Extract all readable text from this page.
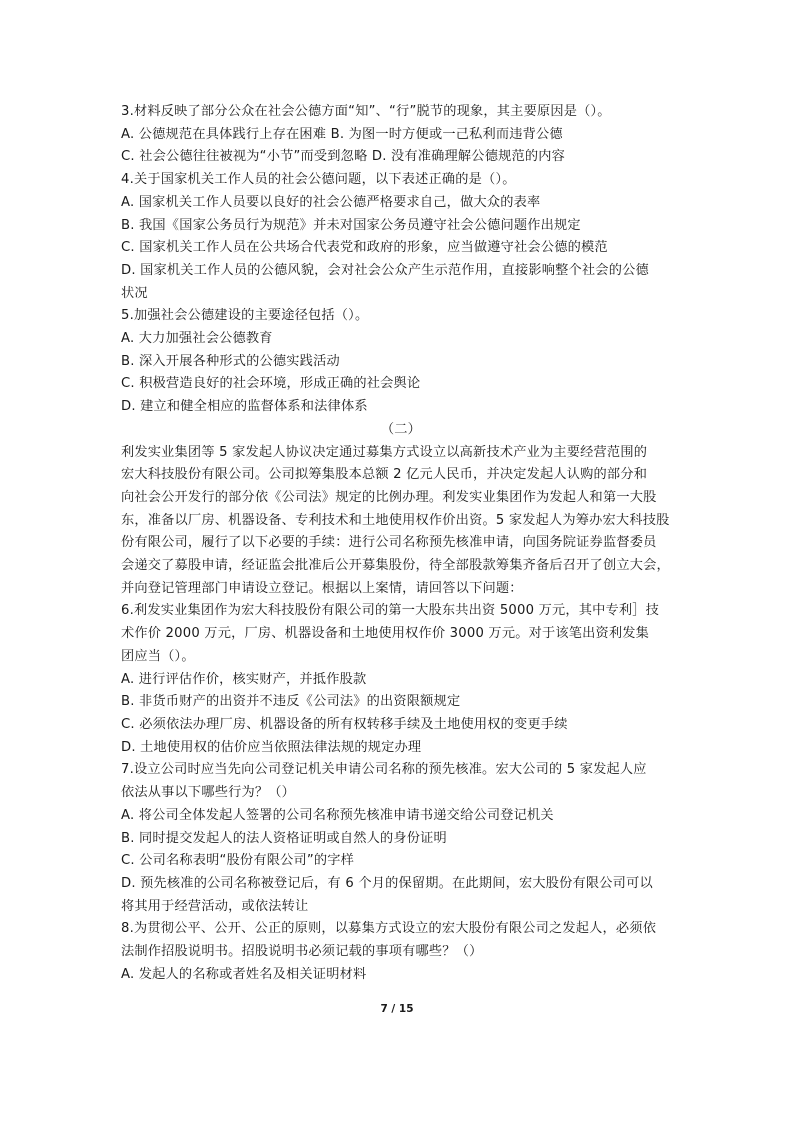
3.材料反映了部分公众在社会公德方面“知”、“行”脱节的现象，其主要原因是（）。
A. 公德规范在具体践行上存在困难 B. 为图一时方便或一己私利而违背公德
C. 社会公德往往被视为“小节”而受到忽略 D. 没有准确理解公德规范的内容
4.关于国家机关工作人员的社会公德问题，以下表述正确的是（）。
A. 国家机关工作人员要以良好的社会公德严格要求自己，做大众的表率
B. 我国《国家公务员行为规范》并未对国家公务员遵守社会公德问题作出规定
C. 国家机关工作人员在公共场合代表党和政府的形象，应当做遵守社会公德的模范
D. 国家机关工作人员的公德风貌，会对社会公众产生示范作用，直接影响整个社会的公德
状况
5.加强社会公德建设的主要途径包括（）。
A. 大力加强社会公德教育
B. 深入开展各种形式的公德实践活动
C. 积极营造良好的社会环境，形成正确的社会舆论
D. 建立和健全相应的监督体系和法律体系
（二）
利发实业集团等 5 家发起人协议决定通过募集方式设立以高新技术产业为主要经营范围的
宏大科技股份有限公司。公司拟筹集股本总额 2 亿元人民币，并决定发起人认购的部分和
向社会公开发行的部分依《公司法》规定的比例办理。利发实业集团作为发起人和第一大股
东，准备以厂房、机器设备、专利技术和土地使用权作价出资。5 家发起人为筹办宏大科技股
份有限公司，履行了以下必要的手续：进行公司名称预先核准申请，向国务院证券监督委员
会递交了募股申请，经证监会批准后公开募集股份，待全部股款筹集齐备后召开了创立大会，
并向登记管理部门申请设立登记。根据以上案情，请回答以下问题：
6.利发实业集团作为宏大科技股份有限公司的第一大股东共出资 5000 万元，其中专利］技
术作价 2000 万元，厂房、机器设备和土地使用权作价 3000 万元。对于该笔出资利发集
团应当（）。
A. 进行评估作价，核实财产，并抵作股款
B. 非货币财产的出资并不违反《公司法》的出资限额规定
C. 必须依法办理厂房、机器设备的所有权转移手续及土地使用权的变更手续
D. 土地使用权的估价应当依照法律法规的规定办理
7.设立公司时应当先向公司登记机关申请公司名称的预先核准。宏大公司的 5 家发起人应
依法从事以下哪些行为？（）
A. 将公司全体发起人签署的公司名称预先核准申请书递交给公司登记机关
B. 同时提交发起人的法人资格证明或自然人的身份证明
C. 公司名称表明“股份有限公司”的字样
D. 预先核准的公司名称被登记后，有 6 个月的保留期。在此期间，宏大股份有限公司可以
将其用于经营活动，或依法转让
8.为贯彻公平、公开、公正的原则，以募集方式设立的宏大股份有限公司之发起人，必须依
法制作招股说明书。招股说明书必须记载的事项有哪些？（）
A. 发起人的名称或者姓名及相关证明材料
7 / 15
